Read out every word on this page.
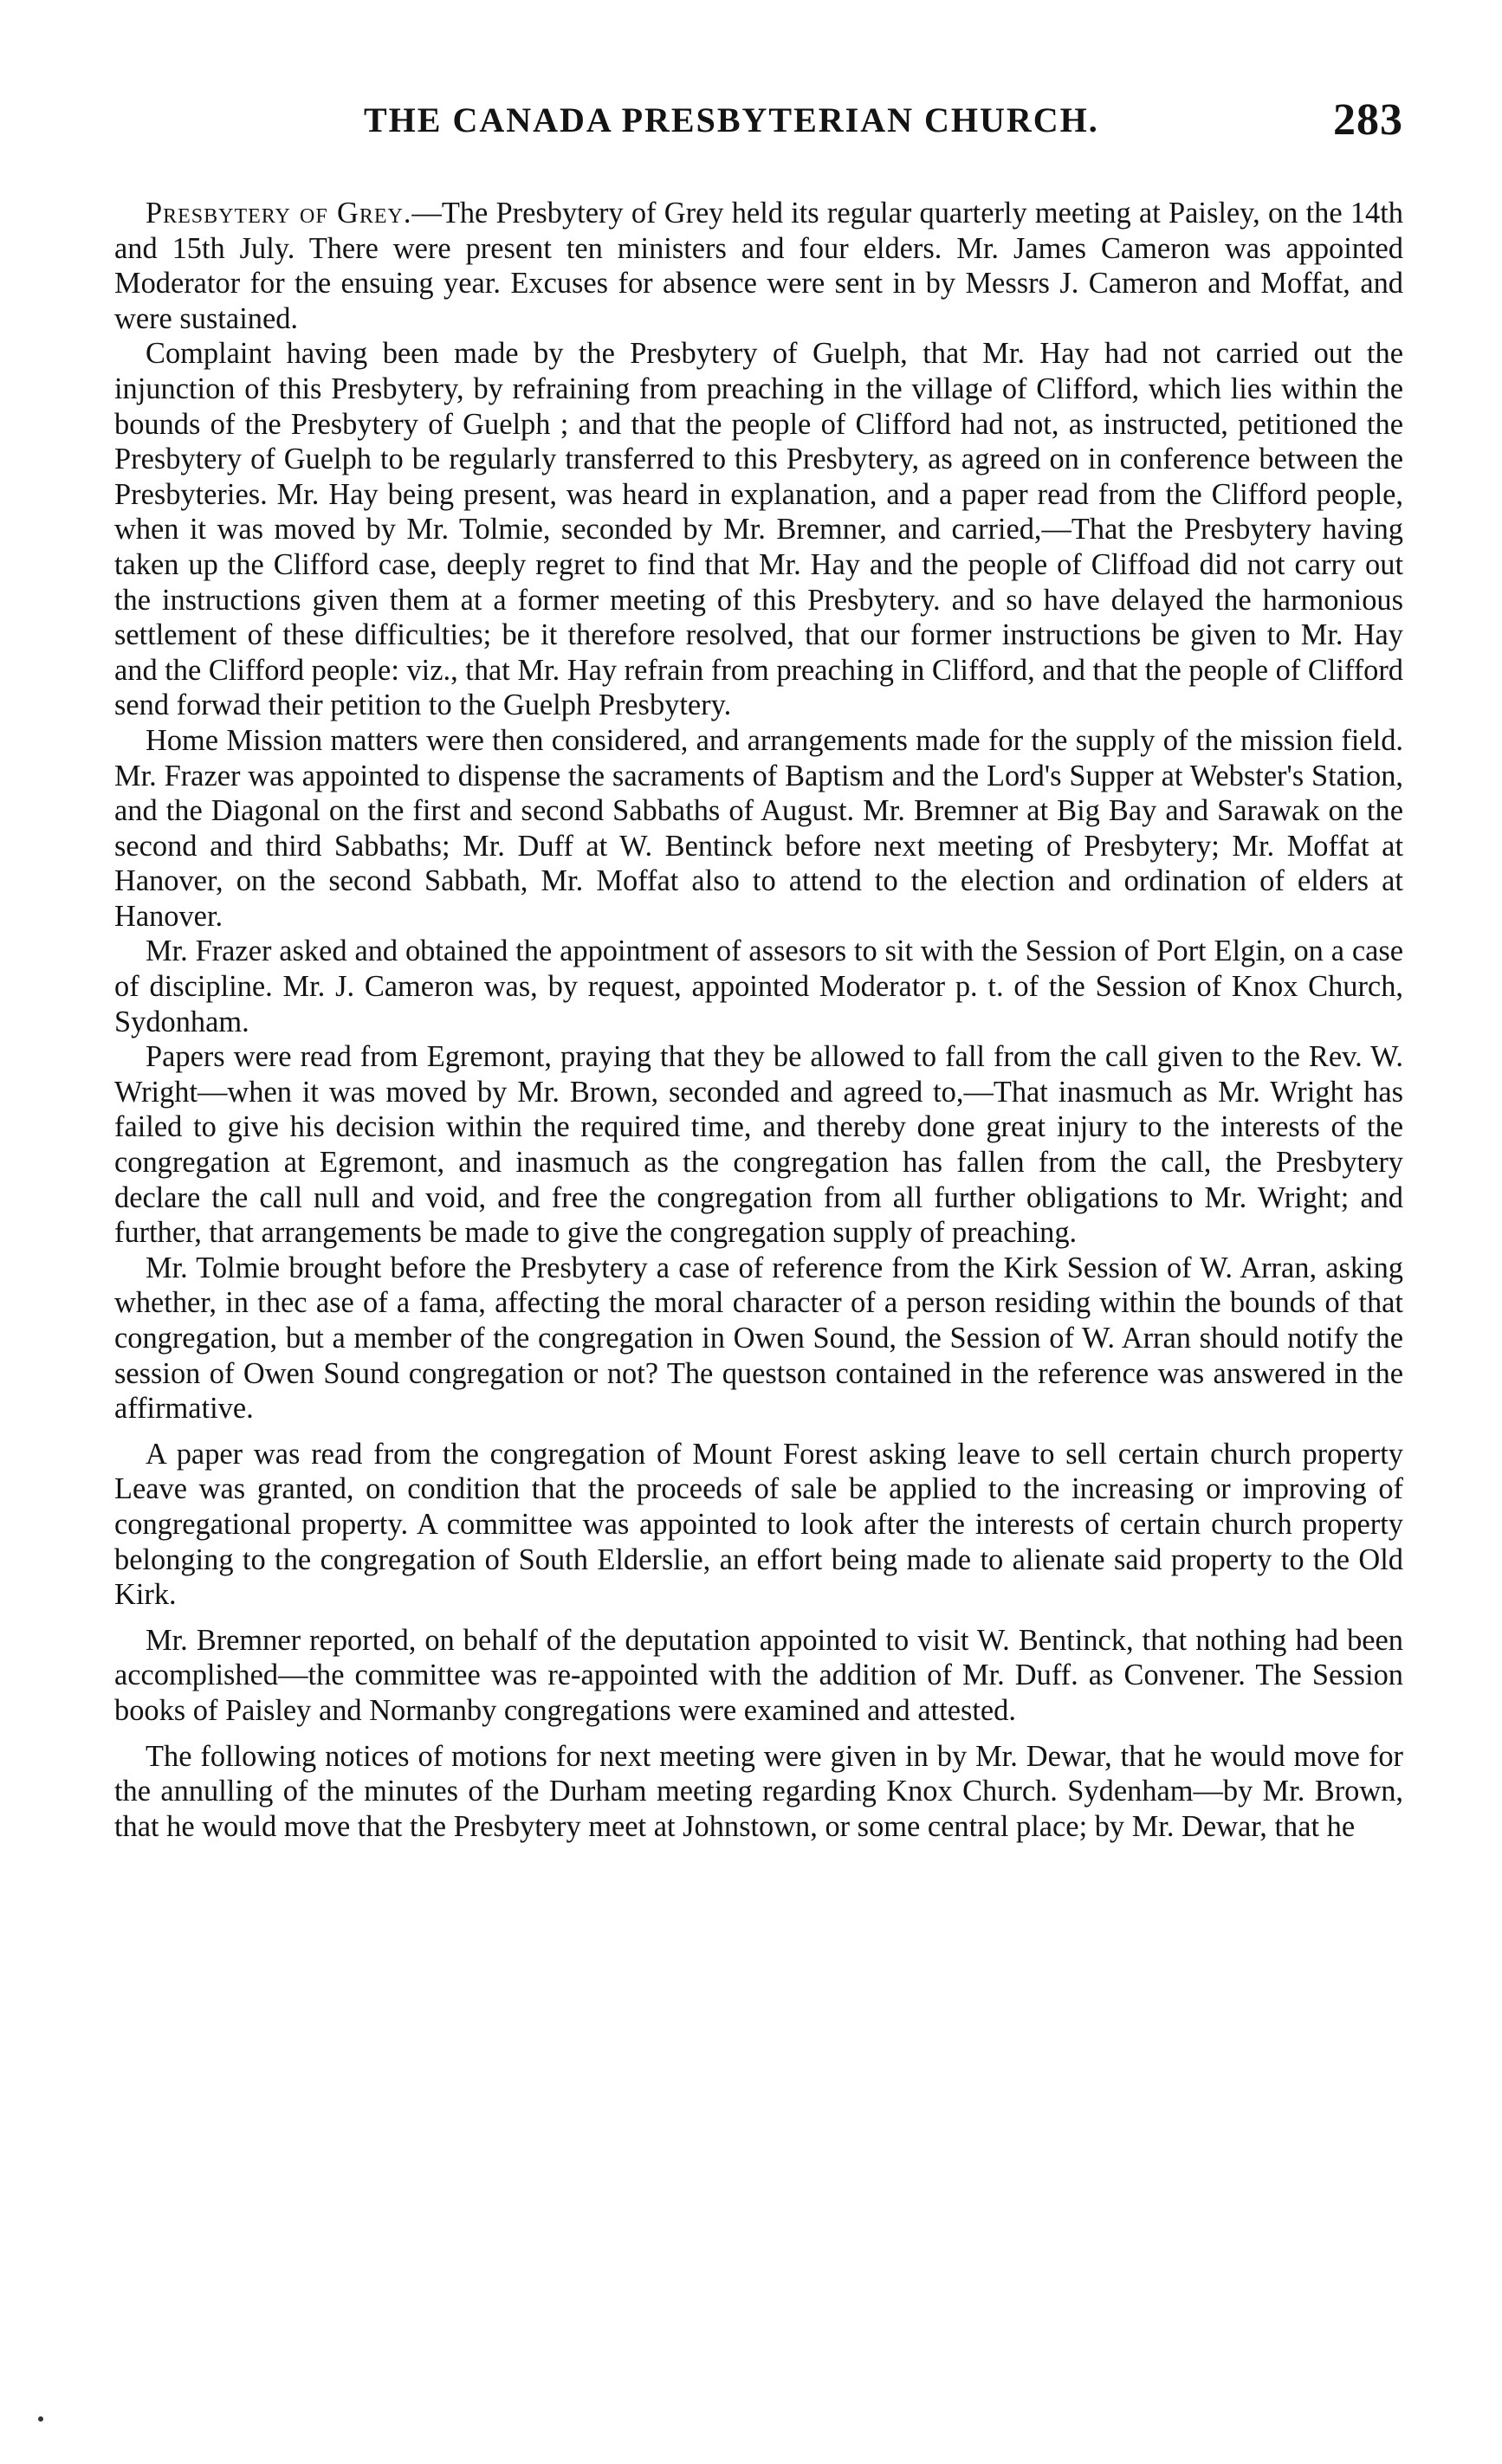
THE CANADA PRESBYTERIAN CHURCH.	283

Presbytery of Grey.—The Presbytery of Grey held its regular quarterly meeting at Paisley, on the 14th and 15th July. There were present ten ministers and four elders. Mr. James Cameron was appointed Moderator for the ensuing year. Excuses for absence were sent in by Messrs J. Cameron and Moffat, and were sustained.

Complaint having been made by the Presbytery of Guelph, that Mr. Hay had not carried out the injunction of this Presbytery, by refraining from preaching in the village of Clifford, which lies within the bounds of the Presbytery of Guelph ; and that the people of Clifford had not, as instructed, petitioned the Presbytery of Guelph to be regularly transferred to this Presbytery, as agreed on in conference between the Presbyteries. Mr. Hay being present, was heard in explanation, and a paper read from the Clifford people, when it was moved by Mr. Tolmie, seconded by Mr. Bremner, and carried,—That the Presbytery having taken up the Clifford case, deeply regret to find that Mr. Hay and the people of Cliffoad did not carry out the instructions given them at a former meeting of this Presbytery. and so have delayed the harmonious settlement of these difficulties; be it therefore resolved, that our former instructions be given to Mr. Hay and the Clifford people: viz., that Mr. Hay refrain from preaching in Clifford, and that the people of Clifford send forwad their petition to the Guelph Presbytery.

Home Mission matters were then considered, and arrangements made for the supply of the mission field. Mr. Frazer was appointed to dispense the sacraments of Baptism and the Lord's Supper at Webster's Station, and the Diagonal on the first and second Sabbaths of August. Mr. Bremner at Big Bay and Sarawak on the second and third Sabbaths; Mr. Duff at W. Bentinck before next meeting of Presbytery; Mr. Moffat at Hanover, on the second Sabbath, Mr. Moffat also to attend to the election and ordination of elders at Hanover.

Mr. Frazer asked and obtained the appointment of assesors to sit with the Session of Port Elgin, on a case of discipline. Mr. J. Cameron was, by request, appointed Moderator p. t. of the Session of Knox Church, Sydonham.

Papers were read from Egremont, praying that they be allowed to fall from the call given to the Rev. W. Wright—when it was moved by Mr. Brown, seconded and agreed to,—That inasmuch as Mr. Wright has failed to give his decision within the required time, and thereby done great injury to the interests of the congregation at Egremont, and inasmuch as the congregation has fallen from the call, the Presbytery declare the call null and void, and free the congregation from all further obligations to Mr. Wright; and further, that arrangements be made to give the congregation supply of preaching.

Mr. Tolmie brought before the Presbytery a case of reference from the Kirk Session of W. Arran, asking whether, in thec ase of a fama, affecting the moral character of a person residing within the bounds of that congregation, but a member of the congregation in Owen Sound, the Session of W. Arran should notify the session of Owen Sound congregation or not? The questson contained in the reference was answered in the affirmative.

A paper was read from the congregation of Mount Forest asking leave to sell certain church property Leave was granted, on condition that the proceeds of sale be applied to the increasing or improving of congregational property. A committee was appointed to look after the interests of certain church property belonging to the congregation of South Elderslie, an effort being made to alienate said property to the Old Kirk.

Mr. Bremner reported, on behalf of the deputation appointed to visit W. Bentinck, that nothing had been accomplished—the committee was re-appointed with the addition of Mr. Duff. as Convener. The Session books of Paisley and Normanby congregations were examined and attested.

The following notices of motions for next meeting were given in by Mr. Dewar, that he would move for the annulling of the minutes of the Durham meeting regarding Knox Church. Sydenham—by Mr. Brown, that he would move that the Presbytery meet at Johnstown, or some central place; by Mr. Dewar, that he
